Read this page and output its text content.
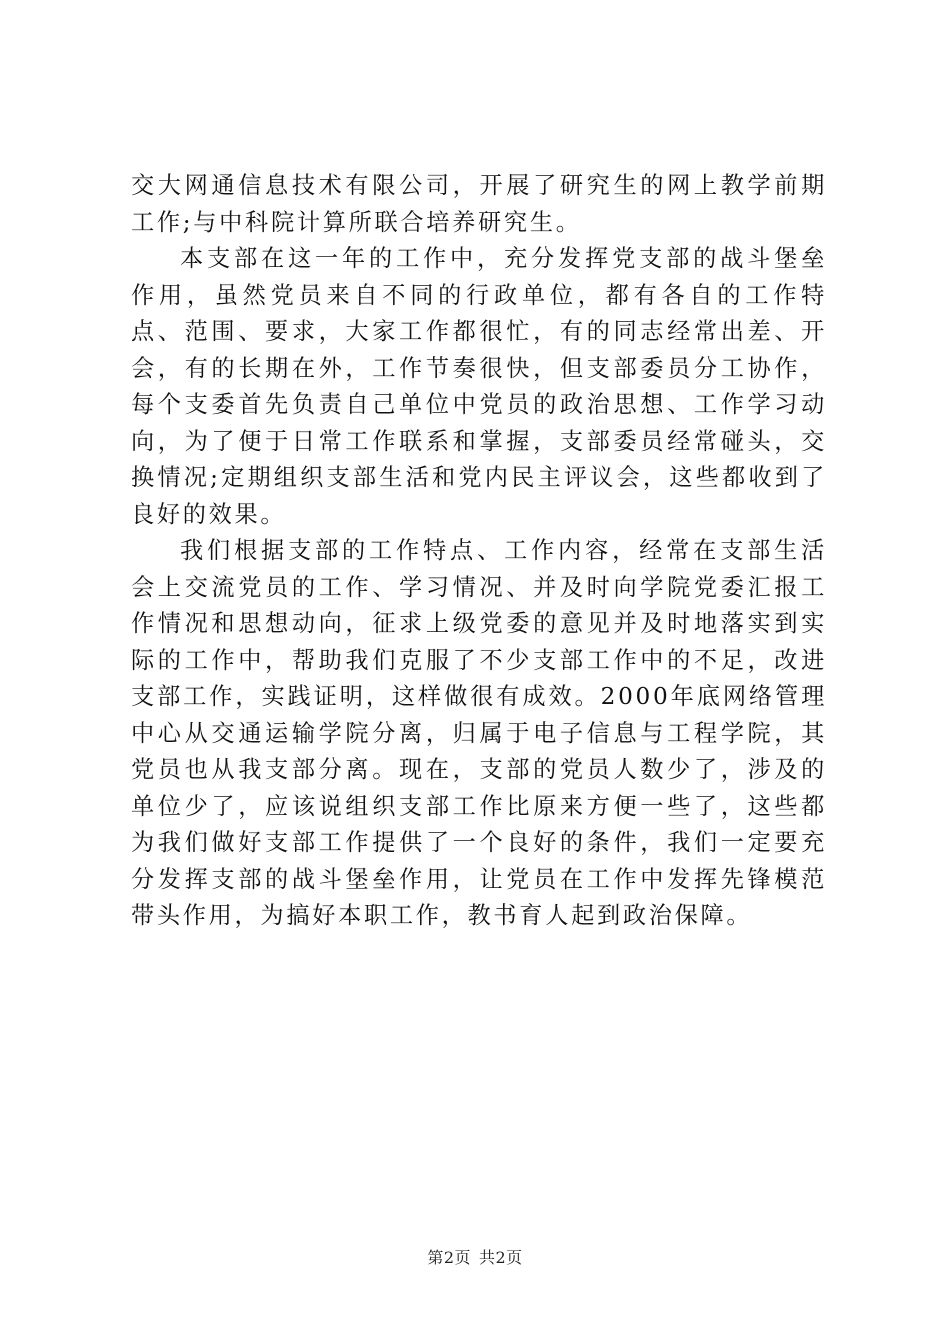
交大网通信息技术有限公司，开展了研究生的网上教学前期工作;与中科院计算所联合培养研究生。

本支部在这一年的工作中，充分发挥党支部的战斗堡垒作用，虽然党员来自不同的行政单位，都有各自的工作特点、范围、要求，大家工作都很忙，有的同志经常出差、开会，有的长期在外，工作节奏很快，但支部委员分工协作，每个支委首先负责自己单位中党员的政治思想、工作学习动向，为了便于日常工作联系和掌握，支部委员经常碰头，交换情况;定期组织支部生活和党内民主评议会，这些都收到了良好的效果。

我们根据支部的工作特点、工作内容，经常在支部生活会上交流党员的工作、学习情况、并及时向学院党委汇报工作情况和思想动向，征求上级党委的意见并及时地落实到实际的工作中，帮助我们克服了不少支部工作中的不足，改进支部工作，实践证明，这样做很有成效。2000年底网络管理中心从交通运输学院分离，归属于电子信息与工程学院，其党员也从我支部分离。现在，支部的党员人数少了，涉及的单位少了，应该说组织支部工作比原来方便一些了，这些都为我们做好支部工作提供了一个良好的条件，我们一定要充分发挥支部的战斗堡垒作用，让党员在工作中发挥先锋模范带头作用，为搞好本职工作，教书育人起到政治保障。

第2页 共2页
